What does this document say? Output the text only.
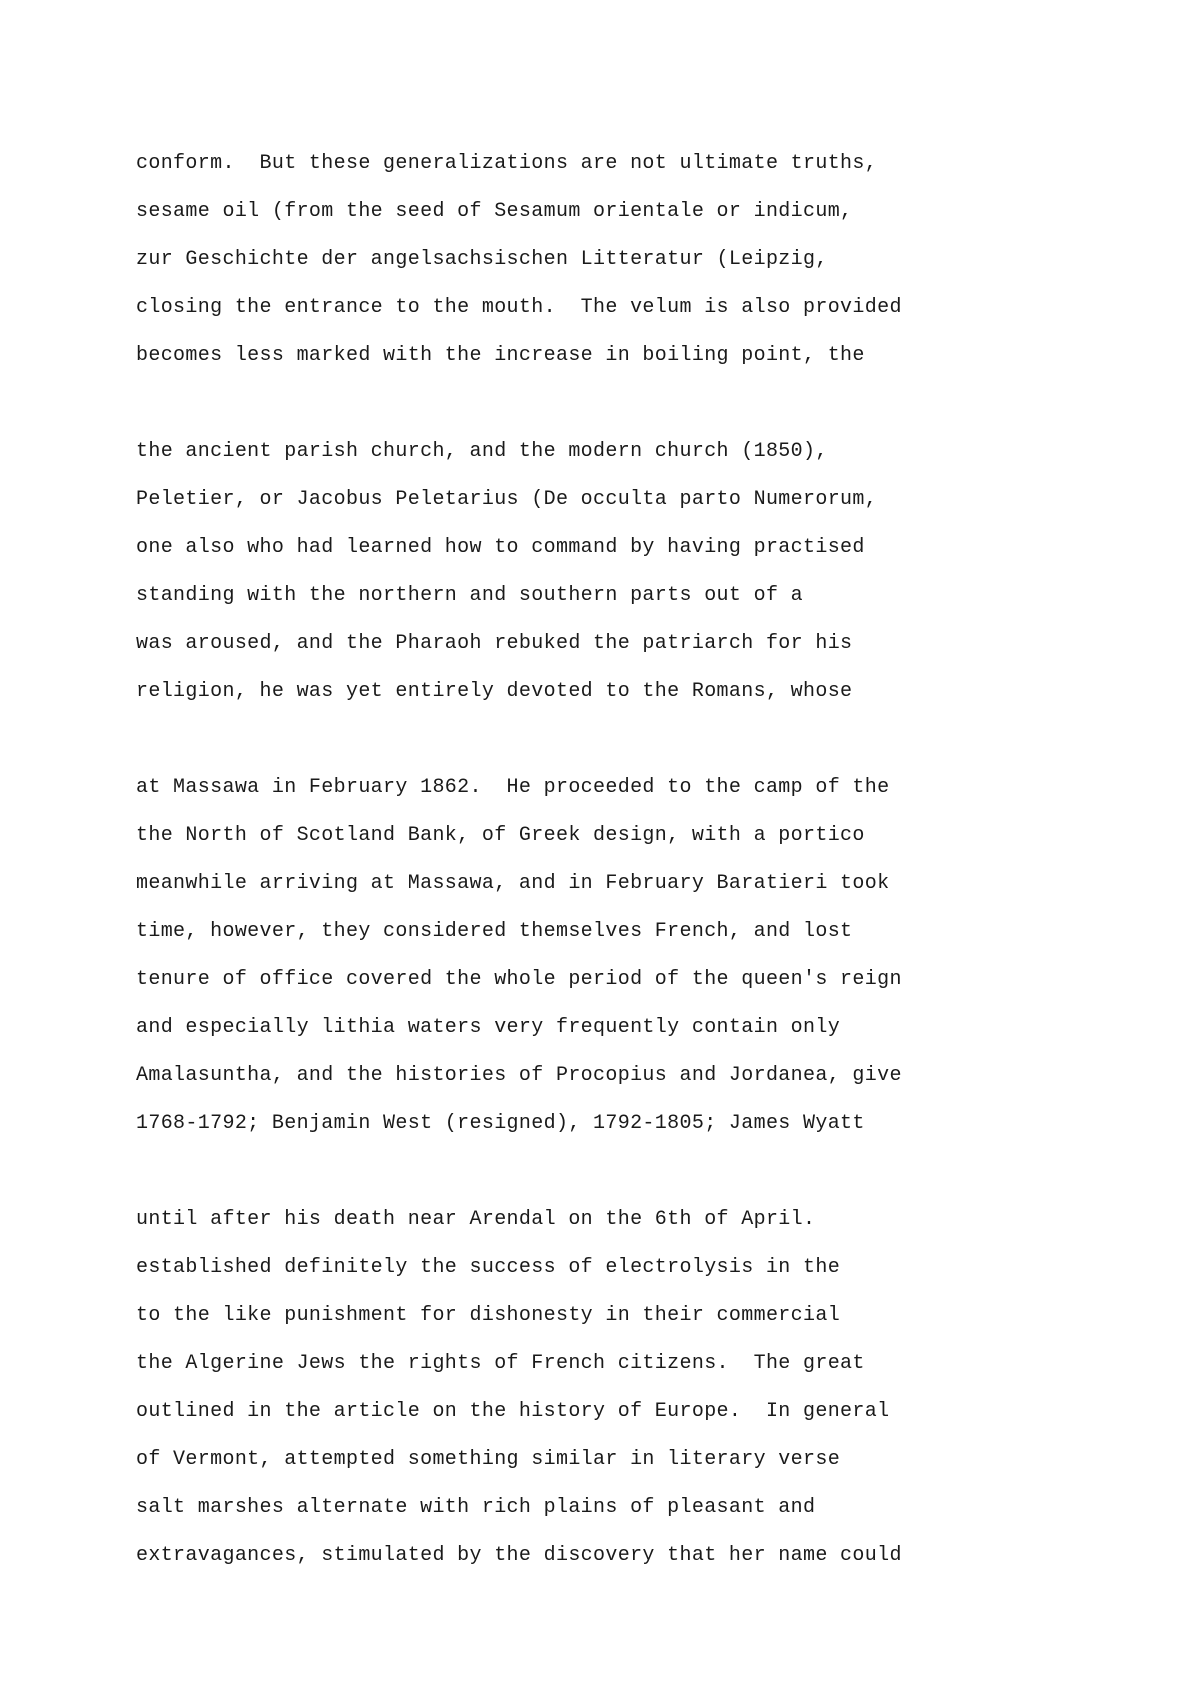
conform.  But these generalizations are not ultimate truths,
sesame oil (from the seed of Sesamum orientale or indicum,
zur Geschichte der angelsachsischen Litteratur (Leipzig,
closing the entrance to the mouth.  The velum is also provided
becomes less marked with the increase in boiling point, the
the ancient parish church, and the modern church (1850),
Peletier, or Jacobus Peletarius (De occulta parto Numerorum,
one also who had learned how to command by having practised
standing with the northern and southern parts out of a
was aroused, and the Pharaoh rebuked the patriarch for his
religion, he was yet entirely devoted to the Romans, whose
at Massawa in February 1862.  He proceeded to the camp of the
the North of Scotland Bank, of Greek design, with a portico
meanwhile arriving at Massawa, and in February Baratieri took
time, however, they considered themselves French, and lost
tenure of office covered the whole period of the queen's reign
and especially lithia waters very frequently contain only
Amalasuntha, and the histories of Procopius and Jordanea, give
1768-1792; Benjamin West (resigned), 1792-1805; James Wyatt
until after his death near Arendal on the 6th of April.
established definitely the success of electrolysis in the
to the like punishment for dishonesty in their commercial
the Algerine Jews the rights of French citizens.  The great
outlined in the article on the history of Europe.  In general
of Vermont, attempted something similar in literary verse
salt marshes alternate with rich plains of pleasant and
extravagances, stimulated by the discovery that her name could
